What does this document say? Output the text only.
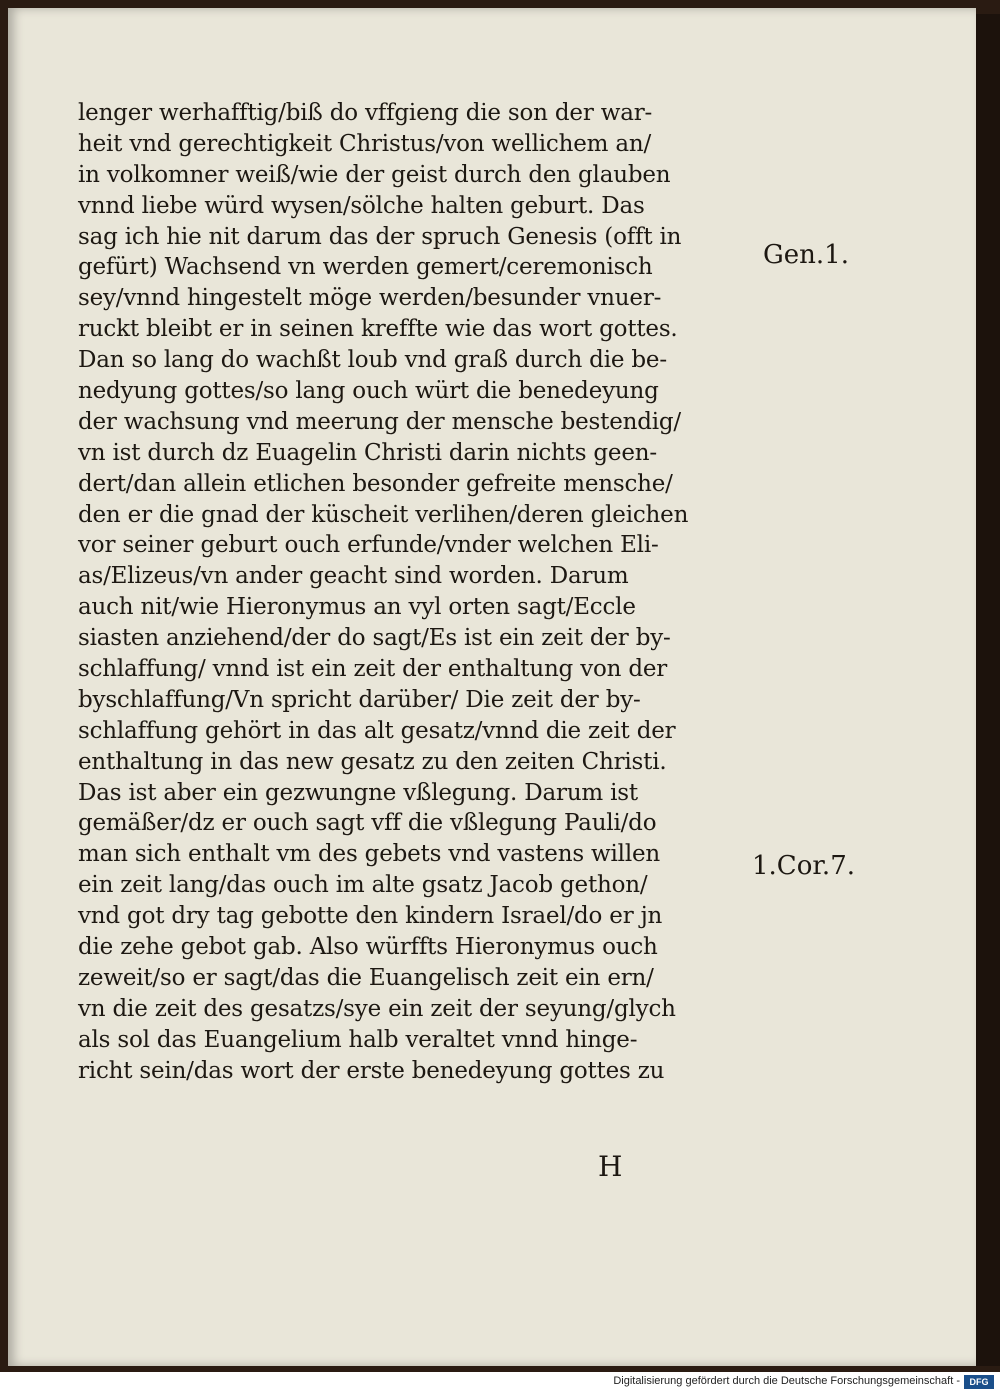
lenger werhafftig/biß do vffgieng die son der war-
heit vnd gerechtigkeit Christus/von wellichem an/
in volkomner weiß/wie der geist durch den glauben
vnnd liebe würd wysen/sölche halten geburt. Das
sag ich hie nit darum das der spruch Genesis (offt in
gefürt) Wachsend vn werden gemert/ceremonisch
sey/vnnd hingestelt möge werden/besunder vnuer-
ruckt bleibt er in seinen kreffte wie das wort gottes.
Dan so lang do wachßt loub vnd graß durch die be-
nedyung gottes/so lang ouch würt die benedeyung
der wachsung vnd meerung der mensche bestendig/
vn ist durch dz Euagelin Christi darin nichts geen-
dert/dan allein etlichen besonder gefreite mensche/
den er die gnad der küscheit verlihen/deren gleichen
vor seiner geburt ouch erfunde/vnder welchen Eli-
as/Elizeus/vn ander geacht sind worden. Darum
auch nit/wie Hieronymus an vyl orten sagt/Eccle
siasten anziehend/der do sagt/Es ist ein zeit der by-
schlaffung/ vnnd ist ein zeit der enthaltung von der
byschlaffung/Vn spricht darüber/ Die zeit der by-
schlaffung gehört in das alt gesatz/vnnd die zeit der
enthaltung in das new gesatz zu den zeiten Christi.
Das ist aber ein gezwungne vßlegung. Darum ist
gemäßer/dz er ouch sagt vff die vßlegung Pauli/do
man sich enthalt vm des gebets vnd vastens willen
ein zeit lang/das ouch im alte gsatz Jacob gethon/
vnd got dry tag gebotte den kindern Israel/do er jn
die zehe gebot gab. Also würffts Hieronymus ouch
zeweit/so er sagt/das die Euangelisch zeit ein ern/
vn die zeit des gesatzs/sye ein zeit der seyung/glych
als sol das Euangelium halb veraltet vnnd hinge-
richt sein/das wort der erste benedeyung gottes zu
Gen.1.
1.Cor.7.
H
Digitalisierung gefördert durch die Deutsche Forschungsgemeinschaft -	DFG
